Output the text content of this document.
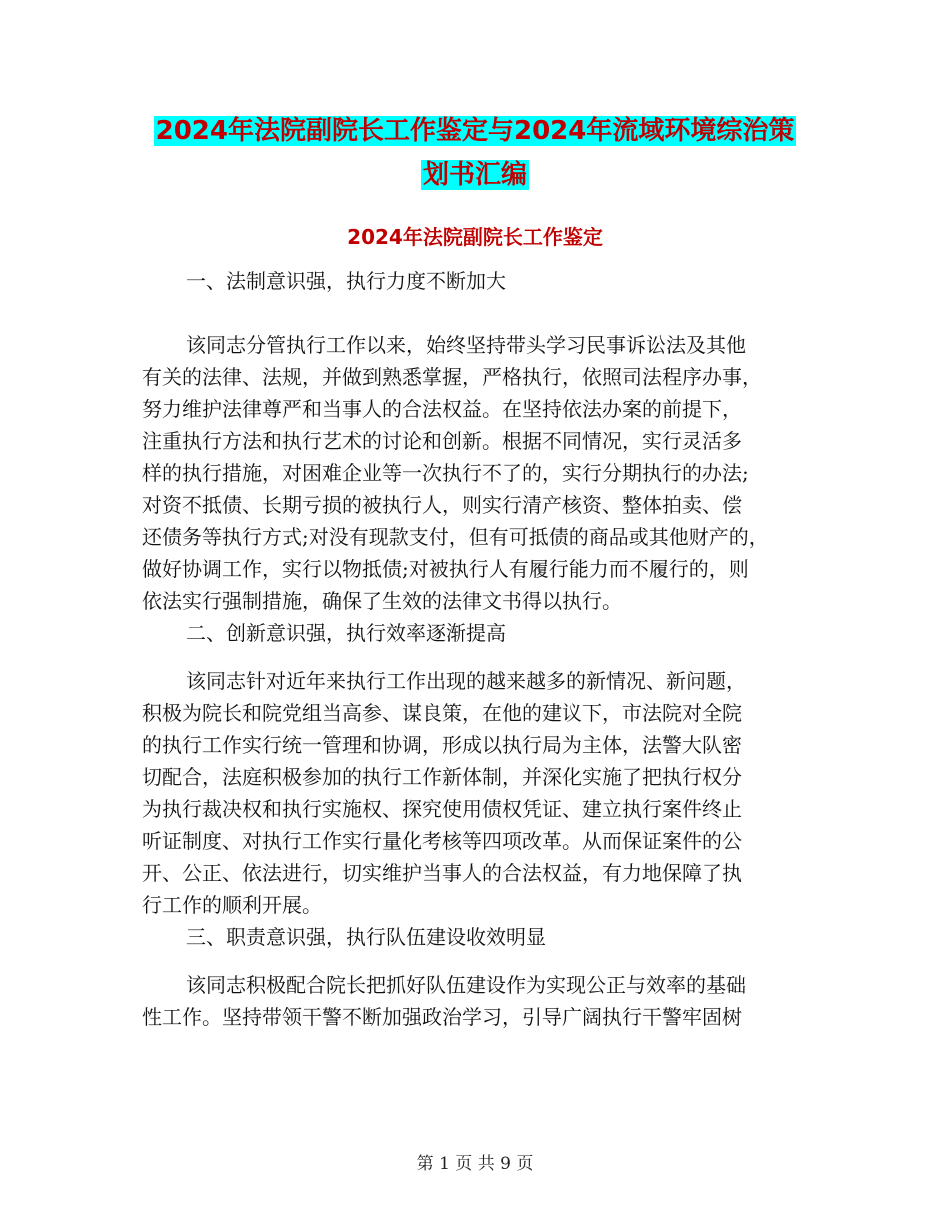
2024年法院副院长工作鉴定与2024年流域环境综治策
划书汇编
2024年法院副院长工作鉴定
一、法制意识强，执行力度不断加大
该同志分管执行工作以来，始终坚持带头学习民事诉讼法及其他
有关的法律、法规，并做到熟悉掌握，严格执行，依照司法程序办事，
努力维护法律尊严和当事人的合法权益。在坚持依法办案的前提下，
注重执行方法和执行艺术的讨论和创新。根据不同情况，实行灵活多
样的执行措施，对困难企业等一次执行不了的，实行分期执行的办法;
对资不抵债、长期亏损的被执行人，则实行清产核资、整体拍卖、偿
还债务等执行方式;对没有现款支付，但有可抵债的商品或其他财产的，
做好协调工作，实行以物抵债;对被执行人有履行能力而不履行的，则
依法实行强制措施，确保了生效的法律文书得以执行。
二、创新意识强，执行效率逐渐提高
该同志针对近年来执行工作出现的越来越多的新情况、新问题，
积极为院长和院党组当高参、谋良策，在他的建议下，市法院对全院
的执行工作实行统一管理和协调，形成以执行局为主体，法警大队密
切配合，法庭积极参加的执行工作新体制，并深化实施了把执行权分
为执行裁决权和执行实施权、探究使用债权凭证、建立执行案件终止
听证制度、对执行工作实行量化考核等四项改革。从而保证案件的公
开、公正、依法进行，切实维护当事人的合法权益，有力地保障了执
行工作的顺利开展。
三、职责意识强，执行队伍建设收效明显
该同志积极配合院长把抓好队伍建设作为实现公正与效率的基础
性工作。坚持带领干警不断加强政治学习，引导广阔执行干警牢固树
第 1 页 共 9 页
